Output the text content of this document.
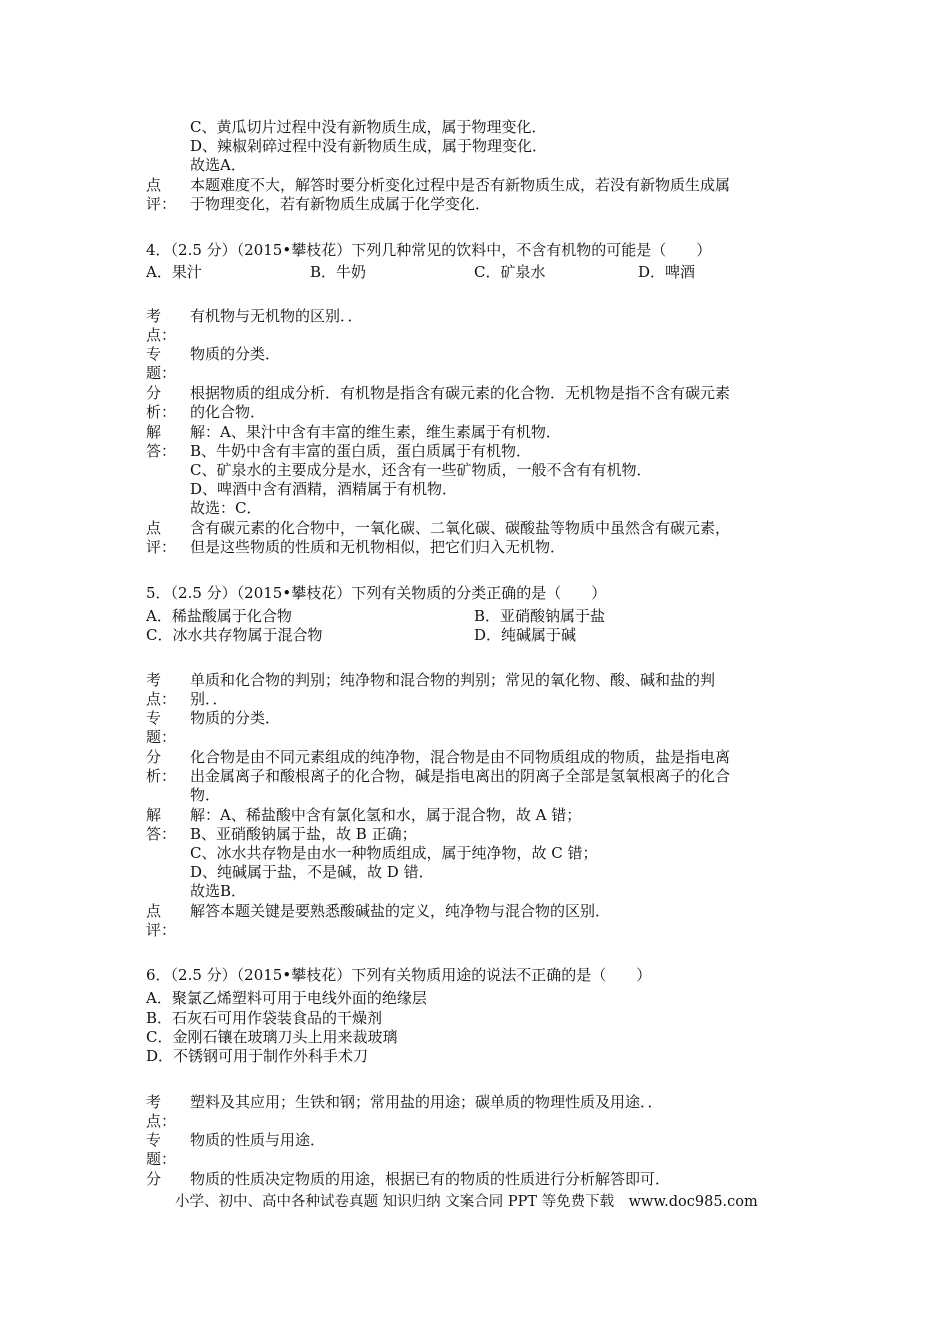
C、黄瓜切片过程中没有新物质生成，属于物理变化．
D、辣椒剁碎过程中没有新物质生成，属于物理变化．
故选A．
点 本题难度不大，解答时要分析变化过程中是否有新物质生成，若没有新物质生成属
评： 于物理变化，若有新物质生成属于化学变化．
4．（2.5 分）（2015•攀枝花）下列几种常见的饮料中，不含有机物的可能是（　　）
A．果汁	B．牛奶	C．矿泉水	D．啤酒
考 有机物与无机物的区别．．
点：
专 物质的分类．
题：
分 根据物质的组成分析．有机物是指含有碳元素的化合物．无机物是指不含有碳元素
析： 的化合物．
解 解：A、果汁中含有丰富的维生素，维生素属于有机物．
答： B、牛奶中含有丰富的蛋白质，蛋白质属于有机物．
C、矿泉水的主要成分是水，还含有一些矿物质，一般不含有有机物．
D、啤酒中含有酒精，酒精属于有机物．
故选：C．
点 含有碳元素的化合物中，一氧化碳、二氧化碳、碳酸盐等物质中虽然含有碳元素，
评： 但是这些物质的性质和无机物相似，把它们归入无机物．
5．（2.5 分）（2015•攀枝花）下列有关物质的分类正确的是（　　）
A．稀盐酸属于化合物	B．亚硝酸钠属于盐
C．冰水共存物属于混合物	D．纯碱属于碱
考 单质和化合物的判别；纯净物和混合物的判别；常见的氧化物、酸、碱和盐的判
点： 别．．
专 物质的分类．
题：
分 化合物是由不同元素组成的纯净物，混合物是由不同物质组成的物质，盐是指电离
析： 出金属离子和酸根离子的化合物，碱是指电离出的阴离子全部是氢氧根离子的化合
物．
解 解：A、稀盐酸中含有氯化氢和水，属于混合物，故 A 错；
答： B、亚硝酸钠属于盐，故 B 正确；
C、冰水共存物是由水一种物质组成，属于纯净物，故 C 错；
D、纯碱属于盐，不是碱，故 D 错．
故选B．
点 解答本题关键是要熟悉酸碱盐的定义，纯净物与混合物的区别．
评：
6．（2.5 分）（2015•攀枝花）下列有关物质用途的说法不正确的是（　　）
A．聚氯乙烯塑料可用于电线外面的绝缘层
B．石灰石可用作袋装食品的干燥剂
C．金刚石镶在玻璃刀头上用来裁玻璃
D．不锈钢可用于制作外科手术刀
考 塑料及其应用；生铁和钢；常用盐的用途；碳单质的物理性质及用途．．
点：
专 物质的性质与用途．
题：
分 物质的性质决定物质的用途，根据已有的物质的性质进行分析解答即可．
小学、初中、高中各种试卷真题 知识归纳 文案合同 PPT 等免费下载　www.doc985.com
